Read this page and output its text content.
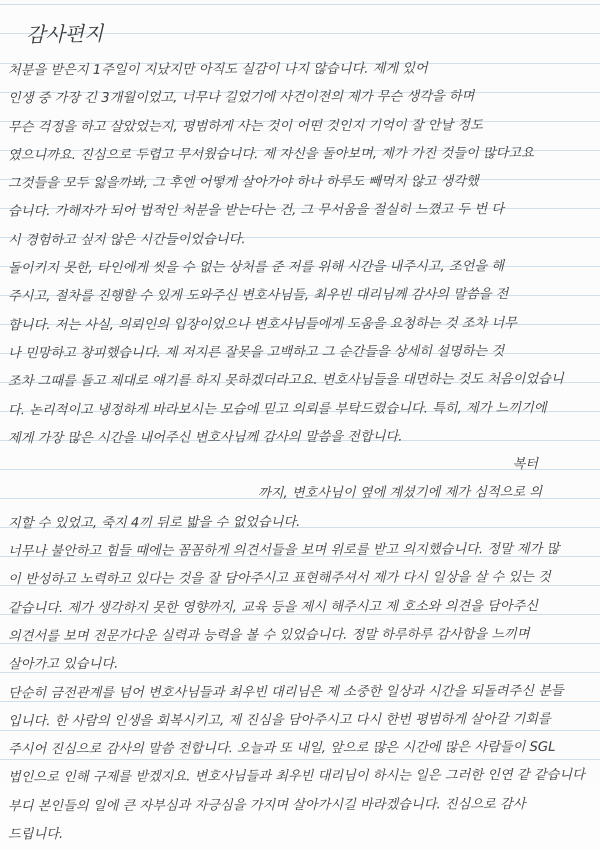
감사편지
처분을 받은지 1주일이 지났지만 아직도 실감이 나지 않습니다. 제게 있어
인생 중 가장 긴 3개월이었고, 너무나 길었기에 사건이전의 제가 무슨 생각을 하며
무슨 걱정을 하고 살았었는지, 평범하게 사는 것이 어떤 것인지 기억이 잘 안날 정도
였으니까요. 진심으로 두렵고 무서웠습니다. 제 자신을 돌아보며, 제가 가진 것들이 많다고요
그것들을 모두 잃을까봐, 그 후엔 어떻게 살아가야 하나 하루도 빼먹지 않고 생각했
습니다. 가해자가 되어 법적인 처분을 받는다는 건, 그 무서움을 절실히 느꼈고 두 번 다
시 경험하고 싶지 않은 시간들이었습니다.
돌이키지 못한, 타인에게 씻을 수 없는 상처를 준 저를 위해 시간을 내주시고, 조언을 해
주시고, 절차를 진행할 수 있게 도와주신 변호사님들, 최우빈 대리님께 감사의 말씀을 전
합니다. 저는 사실, 의뢰인의 입장이었으나 변호사님들에게 도움을 요청하는 것 조차 너무
나 민망하고 창피했습니다. 제 저지른 잘못을 고백하고 그 순간들을 상세히 설명하는 것
조차 그때를 돌고 제대로 얘기를 하지 못하겠더라고요. 변호사님들을 대면하는 것도 처음이었습니
다. 논리적이고 냉정하게 바라보시는 모습에 믿고 의뢰를 부탁드렸습니다. 특히, 제가 느끼기에
제게 가장 많은 시간을 내어주신 변호사님께 감사의 말씀을 전합니다.
복터
까지, 변호사님이 옆에 계셨기에 제가 심적으로 의
지할 수 있었고, 죽지 4끼 뒤로 밟을 수 없었습니다.
너무나 불안하고 힘들 때에는 꼼꼼하게 의견서들을 보며 위로를 받고 의지했습니다. 정말 제가 많
이 반성하고 노력하고 있다는 것을 잘 담아주시고 표현해주셔서 제가 다시 일상을 살 수 있는 것
같습니다. 제가 생각하지 못한 영향까지, 교육 등을 제시 해주시고 제 호소와 의견을 담아주신
의견서를 보며 전문가다운 실력과 능력을 볼 수 있었습니다. 정말 하루하루 감사함을 느끼며
살아가고 있습니다.
단순히 금전관계를 넘어 변호사님들과 최우빈 대리님은 제 소중한 일상과 시간을 되돌려주신 분들
입니다. 한 사람의 인생을 회복시키고, 제 진심을 담아주시고 다시 한번 평범하게 살아갈 기회를
주시어 진심으로 감사의 말씀 전합니다. 오늘과 또 내일, 앞으로 많은 시간에 많은 사람들이 SGL
법인으로 인해 구제를 받겠지요. 변호사님들과 최우빈 대리님이 하시는 일은 그러한 인연 같 같습니다
부디 본인들의 일에 큰 자부심과 자긍심을 가지며 살아가시길 바라겠습니다. 진심으로 감사
드립니다.
